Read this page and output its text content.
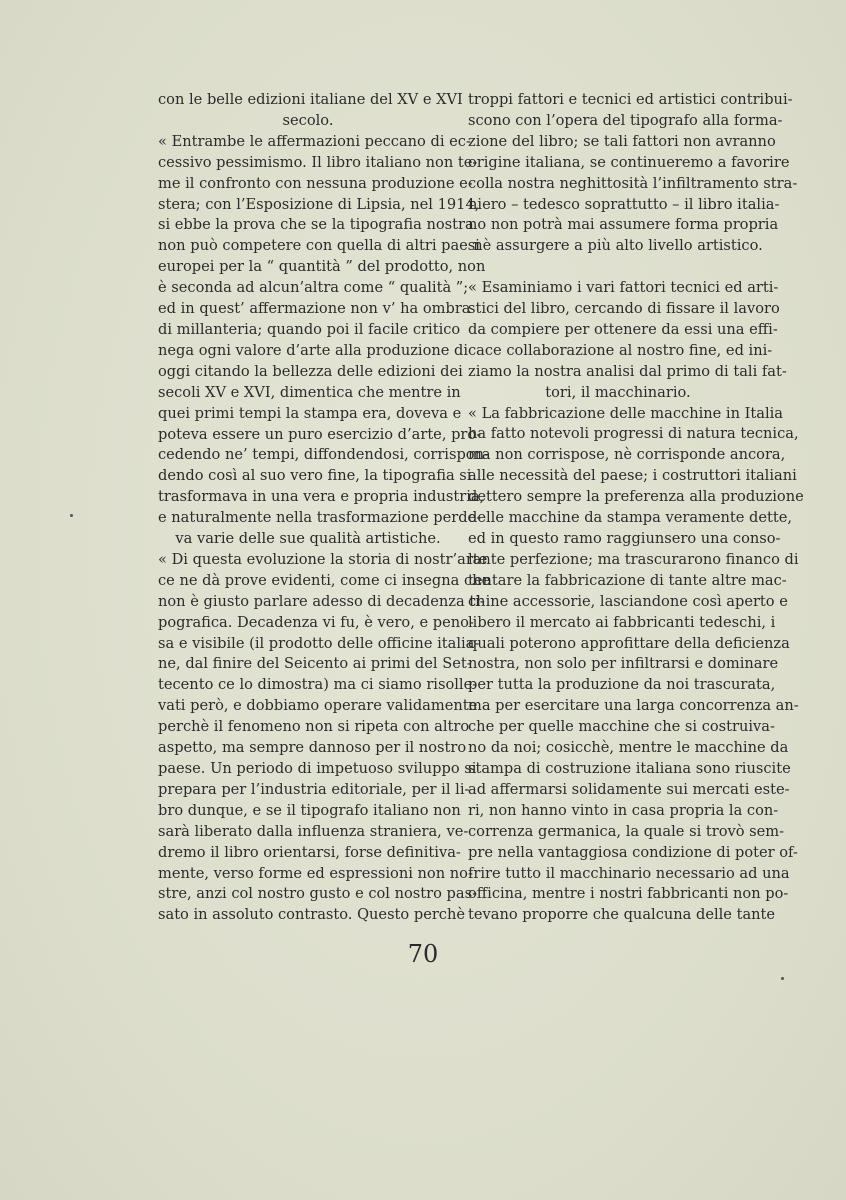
con le belle edizioni italiane del XV e XVI
secolo.
« Entrambe le affermazioni peccano di ec-
cessivo pessimismo. Il libro italiano non te-
me il confronto con nessuna produzione e-
stera; con l’Esposizione di Lipsia, nel 1914,
si ebbe la prova che se la tipografia nostra
non può competere con quella di altri paesi
europei per la “ quantità ” del prodotto, non
è seconda ad alcun’altra come “ qualità ”;
ed in quest’ affermazione non v’ ha ombra
di millanteria; quando poi il facile critico
nega ogni valore d’arte alla produzione di
oggi citando la bellezza delle edizioni dei
secoli XV e XVI, dimentica che mentre in
quei primi tempi la stampa era, doveva e
poteva essere un puro esercizio d’arte, pro-
cedendo ne’ tempi, diffondendosi, corrispon-
dendo così al suo vero fine, la tipografia si
trasformava in una vera e propria industria,
e naturalmente nella trasformazione perde-
va varie delle sue qualità artistiche.
« Di questa evoluzione la storia di nostr’arte
ce ne dà prove evidenti, come ci insegna che
non è giusto parlare adesso di decadenza ti-
pografica. Decadenza vi fu, è vero, e peno-
sa e visibile (il prodotto delle officine italia-
ne, dal finire del Seicento ai primi del Set-
tecento ce lo dimostra) ma ci siamo risolle-
vati però, e dobbiamo operare validamente
perchè il fenomeno non si ripeta con altro
aspetto, ma sempre dannoso per il nostro
paese. Un periodo di impetuoso sviluppo si
prepara per l’industria editoriale, per il li-
bro dunque, e se il tipografo italiano non
sarà liberato dalla influenza straniera, ve-
dremo il libro orientarsi, forse definitiva-
mente, verso forme ed espressioni non no-
stre, anzi col nostro gusto e col nostro pas-
sato in assoluto contrasto. Questo perchè
troppi fattori e tecnici ed artistici contribui-
scono con l’opera del tipografo alla forma-
zione del libro; se tali fattori non avranno
origine italiana, se continueremo a favorire
colla nostra neghittosità l’infiltramento stra-
niero – tedesco soprattutto – il libro italia-
no non potrà mai assumere forma propria
nè assurgere a più alto livello artistico.
« Esaminiamo i vari fattori tecnici ed arti-
stici del libro, cercando di fissare il lavoro
da compiere per ottenere da essi una effi-
cace collaborazione al nostro fine, ed ini-
ziamo la nostra analisi dal primo di tali fat-
tori, il macchinario.
« La fabbricazione delle macchine in Italia
ha fatto notevoli progressi di natura tecnica,
ma non corrispose, nè corrisponde ancora,
alle necessità del paese; i costruttori italiani
dettero sempre la preferenza alla produzione
delle macchine da stampa veramente dette,
ed in questo ramo raggiunsero una conso-
lante perfezione; ma trascurarono financo di
tentare la fabbricazione di tante altre mac-
chine accessorie, lasciandone così aperto e
libero il mercato ai fabbricanti tedeschi, i
quali poterono approfittare della deficienza
nostra, non solo per infiltrarsi e dominare
per tutta la produzione da noi trascurata,
ma per esercitare una larga concorrenza an-
che per quelle macchine che si costruiva-
no da noi; cosicchè, mentre le macchine da
stampa di costruzione italiana sono riuscite
ad affermarsi solidamente sui mercati este-
ri, non hanno vinto in casa propria la con-
correnza germanica, la quale si trovò sem-
pre nella vantaggiosa condizione di poter of-
frire tutto il macchinario necessario ad una
officina, mentre i nostri fabbricanti non po-
tevano proporre che qualcuna delle tante
70
